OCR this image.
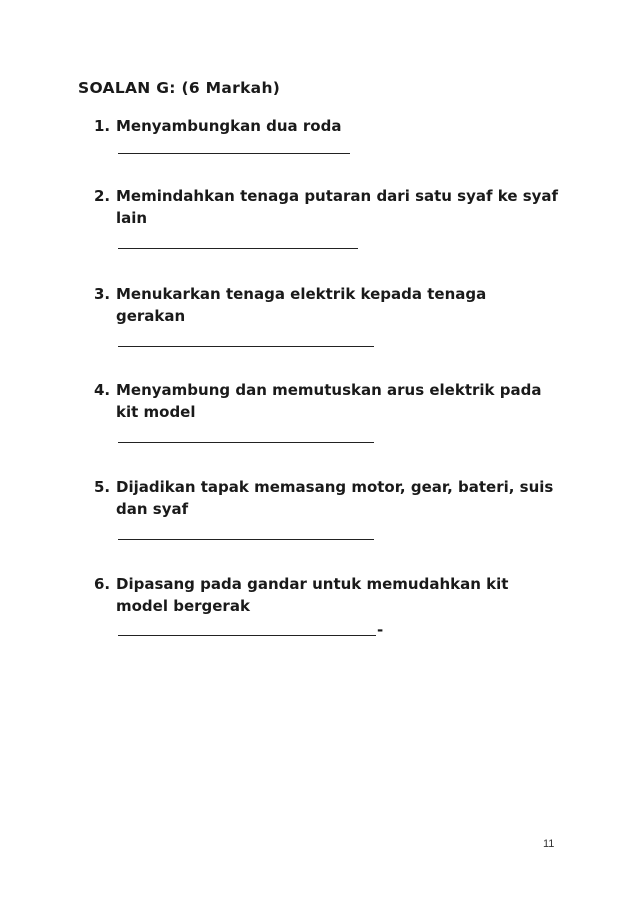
SOALAN G: (6 Markah)
1. Menyambungkan dua roda
2. Memindahkan tenaga putaran dari satu syaf ke syaf lain
3. Menukarkan tenaga elektrik kepada tenaga gerakan
4. Menyambung dan memutuskan arus elektrik pada kit model
5. Dijadikan tapak memasang motor, gear, bateri, suis dan syaf
6. Dipasang pada gandar untuk memudahkan kit model bergerak
-
11
